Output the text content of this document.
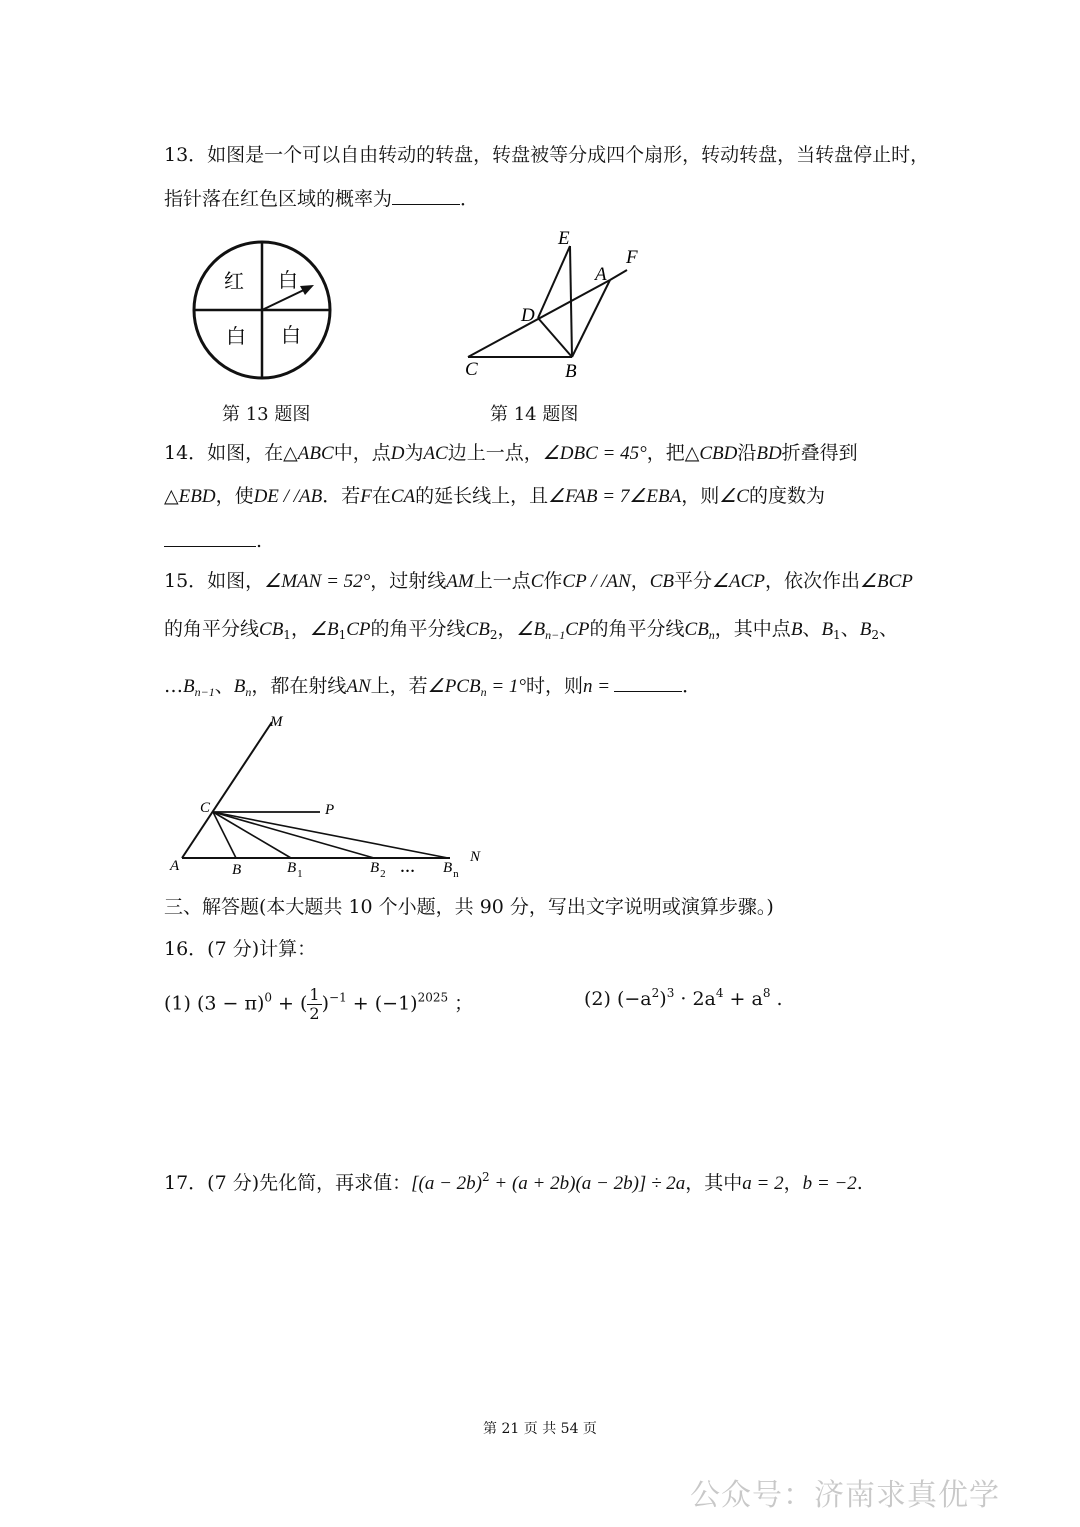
13．如图是一个可以自由转动的转盘，转盘被等分成四个扇形，转动转盘，当转盘停止时，
指针落在红色区域的概率为	．
红 白
白 白
E
A
F
D
C	B
第 13 题图	第 14 题图
14．如图，在△ABC中，点D为AC边上一点，∠DBC = 45°，把△CBD沿BD折叠得到
△EBD，使DE / /AB．若F在CA的延长线上，且∠FAB = 7∠EBA，则∠C的度数为
.
15．如图，∠MAN = 52°，过射线AM上一点C作CP / /AN，CB平分∠ACP，依次作出∠BCP
的角平分线$CB_1$，$\angle B_1CP$的角平分线$CB_2$，$\angle B_{n-1}CP$的角平分线$CB_n$，其中点B、$B_1$、$B_2$、
$\dots B_{n-1}$、$B_n$，都在射线AN上，若$\angle PCB_n = 1^\circ$时，则n =	．
M
C	P
A	B	$B_1$	$B_2$ … $B_n$
N
三、解答题(本大题共 10 个小题，共 90 分，写出文字说明或演算步骤。)
16．(7 分)计算：
(1) $(3 - \pi)^0$ + ( $\frac{1}{2} )^{-1} + (-1)^{2025}$ ；	(2) $(-a^2)^3 \cdot 2a^4 + a^8$ .
17．(7 分)先化简，再求值：$[(a - 2b)^2 + (a + 2b)(a - 2b)] \div 2a$，其中a = 2，b = −2.
第 21 页 共 54 页
公众号：济南求真优学
